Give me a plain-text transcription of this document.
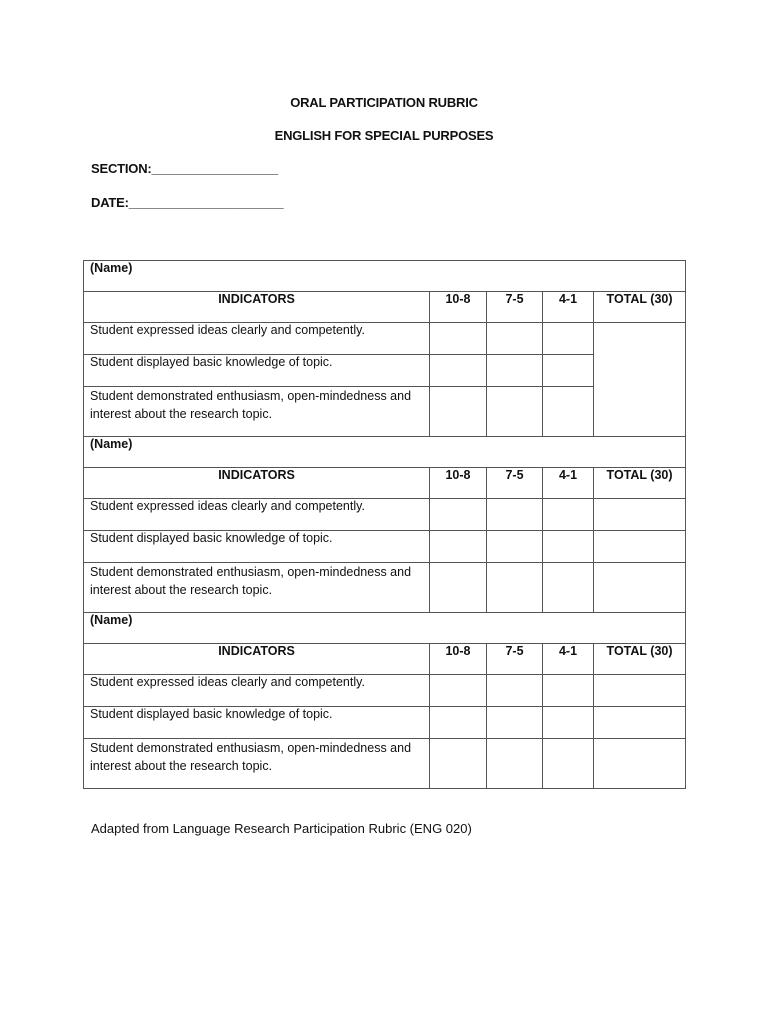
ORAL PARTICIPATION RUBRIC
ENGLISH FOR SPECIAL PURPOSES
SECTION:__________________
DATE:______________________
(Name)				
INDICATORS	10-8	7-5	4-1	TOTAL (30)
Student expressed ideas clearly and competently.				
Student displayed basic knowledge of topic.				
Student demonstrated enthusiasm, open-mindedness and interest about the research topic.				
(Name)				
INDICATORS	10-8	7-5	4-1	TOTAL (30)
Student expressed ideas clearly and competently.				
Student displayed basic knowledge of topic.				
Student demonstrated enthusiasm, open-mindedness and interest about the research topic.				
(Name)				
INDICATORS	10-8	7-5	4-1	TOTAL (30)
Student expressed ideas clearly and competently.				
Student displayed basic knowledge of topic.				
Student demonstrated enthusiasm, open-mindedness and interest about the research topic.				
Adapted from Language Research Participation Rubric (ENG 020)
